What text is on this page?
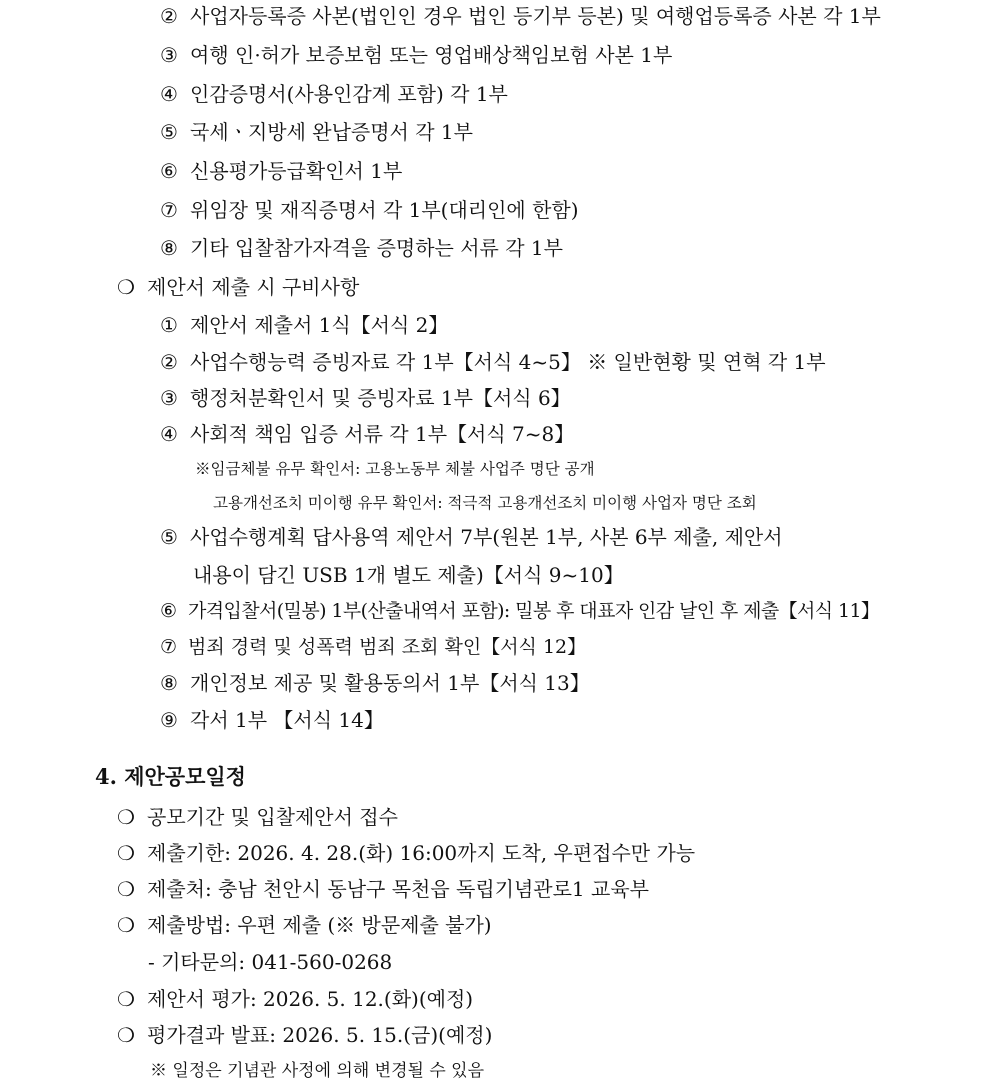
② 사업자등록증 사본(법인인 경우 법인 등기부 등본) 및 여행업등록증 사본 각 1부
③ 여행 인·허가 보증보험 또는 영업배상책임보험 사본 1부
④ 인감증명서(사용인감계 포함) 각 1부
⑤ 국세ㆍ지방세 완납증명서 각 1부
⑥ 신용평가등급확인서 1부
⑦ 위임장 및 재직증명서 각 1부(대리인에 한함)
⑧ 기타 입찰참가자격을 증명하는 서류 각 1부
❍ 제안서 제출 시 구비사항
① 제안서 제출서 1식【서식 2】
② 사업수행능력 증빙자료 각 1부【서식 4~5】 ※ 일반현황 및 연혁 각 1부
③ 행정처분확인서 및 증빙자료 1부【서식 6】
④ 사회적 책임 입증 서류 각 1부【서식 7~8】
※임금체불 유무 확인서: 고용노동부 체불 사업주 명단 공개
고용개선조치 미이행 유무 확인서: 적극적 고용개선조치 미이행 사업자 명단 조회
⑤ 사업수행계획 답사용역 제안서 7부(원본 1부, 사본 6부 제출, 제안서
내용이 담긴 USB 1개 별도 제출)【서식 9~10】
⑥ 가격입찰서(밀봉) 1부(산출내역서 포함): 밀봉 후 대표자 인감 날인 후 제출【서식 11】
⑦ 범죄 경력 및 성폭력 범죄 조회 확인【서식 12】
⑧ 개인정보 제공 및 활용동의서 1부【서식 13】
⑨ 각서 1부 【서식 14】
4. 제안공모일정
❍ 공모기간 및 입찰제안서 접수
❍ 제출기한: 2026. 4. 28.(화) 16:00까지 도착, 우편접수만 가능
❍ 제출처: 충남 천안시 동남구 목천읍 독립기념관로1 교육부
❍ 제출방법: 우편 제출 (※ 방문제출 불가)
- 기타문의: 041-560-0268
❍ 제안서 평가: 2026. 5. 12.(화)(예정)
❍ 평가결과 발표: 2026. 5. 15.(금)(예정)
※ 일정은 기념관 사정에 의해 변경될 수 있음
